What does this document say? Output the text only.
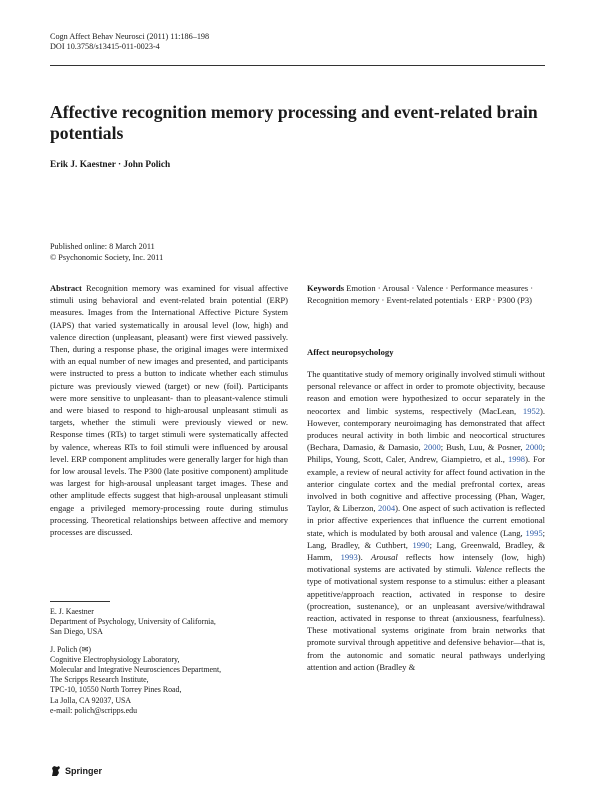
Cogn Affect Behav Neurosci (2011) 11:186–198
DOI 10.3758/s13415-011-0023-4
Affective recognition memory processing and event-related brain potentials
Erik J. Kaestner · John Polich
Published online: 8 March 2011
© Psychonomic Society, Inc. 2011
Abstract Recognition memory was examined for visual affective stimuli using behavioral and event-related brain potential (ERP) measures. Images from the International Affective Picture System (IAPS) that varied systematically in arousal level (low, high) and valence direction (unpleasant, pleasant) were first viewed passively. Then, during a response phase, the original images were intermixed with an equal number of new images and presented, and participants were instructed to press a button to indicate whether each stimulus picture was previously viewed (target) or new (foil). Participants were more sensitive to unpleasant- than to pleasant-valence stimuli and were biased to respond to high-arousal unpleasant stimuli as targets, whether the stimuli were previously viewed or new. Response times (RTs) to target stimuli were systematically affected by valence, whereas RTs to foil stimuli were influenced by arousal level. ERP component amplitudes were generally larger for high than for low arousal levels. The P300 (late positive component) amplitude was largest for high-arousal unpleasant target images. These and other amplitude effects suggest that high-arousal unpleasant stimuli engage a privileged memory-processing route during stimulus processing. Theoretical relationships between affective and memory processes are discussed.
Keywords Emotion · Arousal · Valence · Performance measures · Recognition memory · Event-related potentials · ERP · P300 (P3)
Affect neuropsychology
The quantitative study of memory originally involved stimuli without personal relevance or affect in order to promote objectivity, because reason and emotion were hypothesized to occur separately in the neocortex and limbic systems, respectively (MacLean, 1952). However, contemporary neuroimaging has demonstrated that affect produces neural activity in both limbic and neocortical structures (Bechara, Damasio, & Damasio, 2000; Bush, Luu, & Posner, 2000; Philips, Young, Scott, Caler, Andrew, Giampietro, et al., 1998). For example, a review of neural activity for affect found activation in the anterior cingulate cortex and the medial prefrontal cortex, areas involved in both cognitive and affective processing (Phan, Wager, Taylor, & Liberzon, 2004). One aspect of such activation is reflected in prior affective experiences that influence the current emotional state, which is modulated by both arousal and valence (Lang, 1995; Lang, Bradley, & Cuthbert, 1990; Lang, Greenwald, Bradley, & Hamm, 1993). Arousal reflects how intensely (low, high) motivational systems are activated by stimuli. Valence reflects the type of motivational system response to a stimulus: either a pleasant appetitive/approach reaction, activated in response to desire (procreation, sustenance), or an unpleasant aversive/withdrawal reaction, activated in response to threat (anxiousness, fearfulness). These motivational systems originate from brain networks that promote survival through appetitive and defensive behavior—that is, from the autonomic and somatic neural pathways underlying attention and action (Bradley &

E. J. Kaestner

Department of Psychology, University of California,

San Diego, USA

J. Polich (✉)

Cognitive Electrophysiology Laboratory,

Molecular and Integrative Neurosciences Department,

The Scripps Research Institute,

TPC-10, 10550 North Torrey Pines Road,

La Jolla, CA 92037, USA

e-mail: polich@scripps.edu

Springer
